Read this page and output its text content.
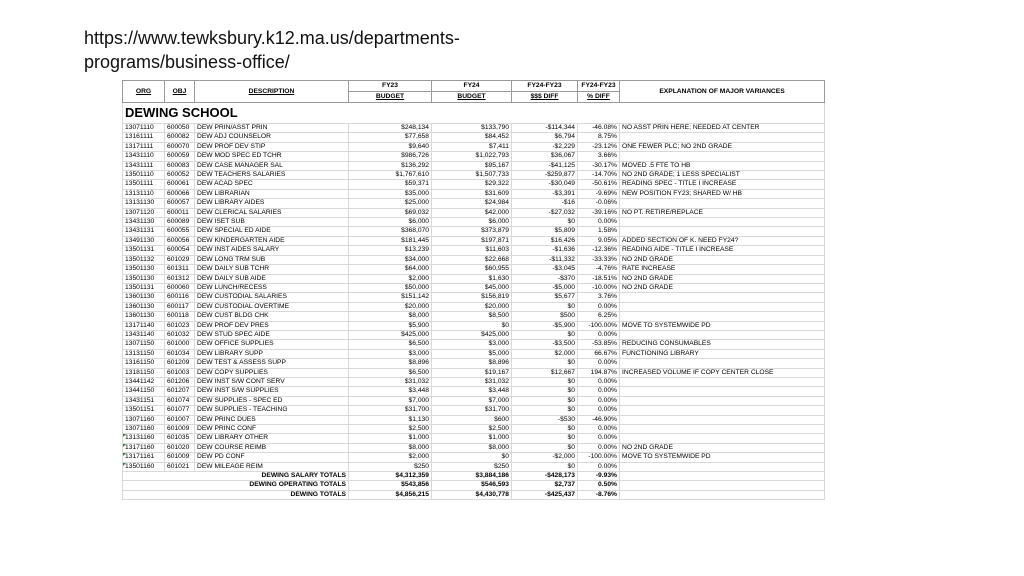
https://www.tewksbury.k12.ma.us/departments-programs/business-office/
ORG	OBJ	DESCRIPTION	FY23	FY24	FY24-FY23	FY24-FY23	EXPLANATION OF MAJOR VARIANCES
			BUDGET	BUDGET	$$$ DIFF	% DIFF	
DEWING SCHOOL							
13071110	600050	DEW PRIN/ASST PRIN	$248,134	$133,790	-$114,344	-46.08%	NO ASST PRIN HERE; NEEDED AT CENTER
13161111	600082	DEW ADJ COUNSELOR	$77,658	$84,452	$6,794	8.75%	
13171111	600070	DEW PROF DEV STIP	$9,640	$7,411	-$2,229	-23.12%	ONE FEWER PLC; NO 2ND GRADE
13431110	600059	DEW MOD SPEC ED TCHR	$986,726	$1,022,793	$36,067	3.66%	
13431111	600083	DEW CASE MANAGER SAL	$136,292	$95,167	-$41,125	-30.17%	MOVED .5 FTE TO HB
13501110	600052	DEW TEACHERS SALARIES	$1,767,610	$1,507,733	-$259,877	-14.70%	NO 2ND GRADE; 1 LESS SPECIALIST
13501111	600061	DEW ACAD SPEC	$59,371	$29,322	-$30,049	-50.61%	READING SPEC - TITLE I INCREASE
13131110	600066	DEW LIBRARIAN	$35,000	$31,609	-$3,391	-9.69%	NEW POSITION FY23; SHARED W/ HB
13131130	600057	DEW LIBRARY AIDES	$25,000	$24,984	-$16	-0.06%	
13071120	600011	DEW CLERICAL SALARIES	$69,032	$42,000	-$27,032	-39.16%	NO PT. RETIRE/REPLACE
13431130	600089	DEW ISET SUB	$6,000	$6,000	$0	0.00%	
13431131	600055	DEW SPECIAL ED AIDE	$368,070	$373,879	$5,809	1.58%	
13491130	600056	DEW KINDERGARTEN AIDE	$181,445	$197,871	$16,426	9.05%	ADDED SECTION OF K. NEED FY24?
13501131	600054	DEW INST AIDES SALARY	$13,239	$11,603	-$1,636	-12.36%	READING AIDE - TITLE I INCREASE
13501132	601029	DEW LONG TRM SUB	$34,000	$22,668	-$11,332	-33.33%	NO 2ND GRADE
13501130	601311	DEW DAILY SUB TCHR	$64,000	$60,955	-$3,045	-4.76%	RATE INCREASE
13501130	601312	DEW DAILY SUB AIDE	$2,000	$1,630	-$370	-18.51%	NO 2ND GRADE
13501131	600060	DEW LUNCH/RECESS	$50,000	$45,000	-$5,000	-10.00%	NO 2ND GRADE
13601130	600116	DEW CUSTODIAL SALARIES	$151,142	$156,819	$5,677	3.76%	
13601130	600117	DEW CUSTODIAL OVERTIME	$20,000	$20,000	$0	0.00%	
13601130	600118	DEW CUST BLDG CHK	$8,000	$8,500	$500	6.25%	
13171140	601023	DEW PROF DEV PRES	$5,900	$0	-$5,900	-100.00%	MOVE TO SYSTEMWIDE PD
13431140	601032	DEW STUD SPEC AIDE	$425,000	$425,000	$0	0.00%	
13071150	601000	DEW OFFICE SUPPLIES	$6,500	$3,000	-$3,500	-53.85%	REDUCING CONSUMABLES
13131150	601034	DEW LIBRARY SUPP	$3,000	$5,000	$2,000	66.67%	FUNCTIONING LIBRARY
13161150	601209	DEW TEST & ASSESS SUPP	$8,896	$8,896	$0	0.00%	
13181150	601003	DEW COPY SUPPLIES	$6,500	$19,167	$12,667	194.87%	INCREASED VOLUME IF COPY CENTER CLOSE
13441142	601206	DEW INST S/W CONT SERV	$31,032	$31,032	$0	0.00%	
13441150	601207	DEW INST S/W SUPPLIES	$3,448	$3,448	$0	0.00%	
13431151	601074	DEW SUPPLIES - SPEC ED	$7,000	$7,000	$0	0.00%	
13501151	601077	DEW SUPPLIES - TEACHING	$31,700	$31,700	$0	0.00%	
13071160	601007	DEW PRINC DUES	$1,130	$600	-$530	-46.90%	
13071160	601009	DEW PRINC CONF	$2,500	$2,500	$0	0.00%	
13131160	601035	DEW LIBRARY OTHER	$1,000	$1,000	$0	0.00%	
13171160	601020	DEW COURSE REIMB	$8,000	$8,000	$0	0.00%	NO 2ND GRADE
13171161	601009	DEW PD CONF	$2,000	$0	-$2,000	-100.00%	MOVE TO SYSTEMWIDE PD
13501160	601021	DEW MILEAGE REIM	$250	$250	$0	0.00%	
DEWING SALARY TOTALS			$4,312,359	$3,884,186	-$428,173	-9.93%	
DEWING OPERATING TOTALS			$543,856	$546,593	$2,737	0.50%	
DEWING TOTALS			$4,856,215	$4,430,778	-$425,437	-8.76%	
